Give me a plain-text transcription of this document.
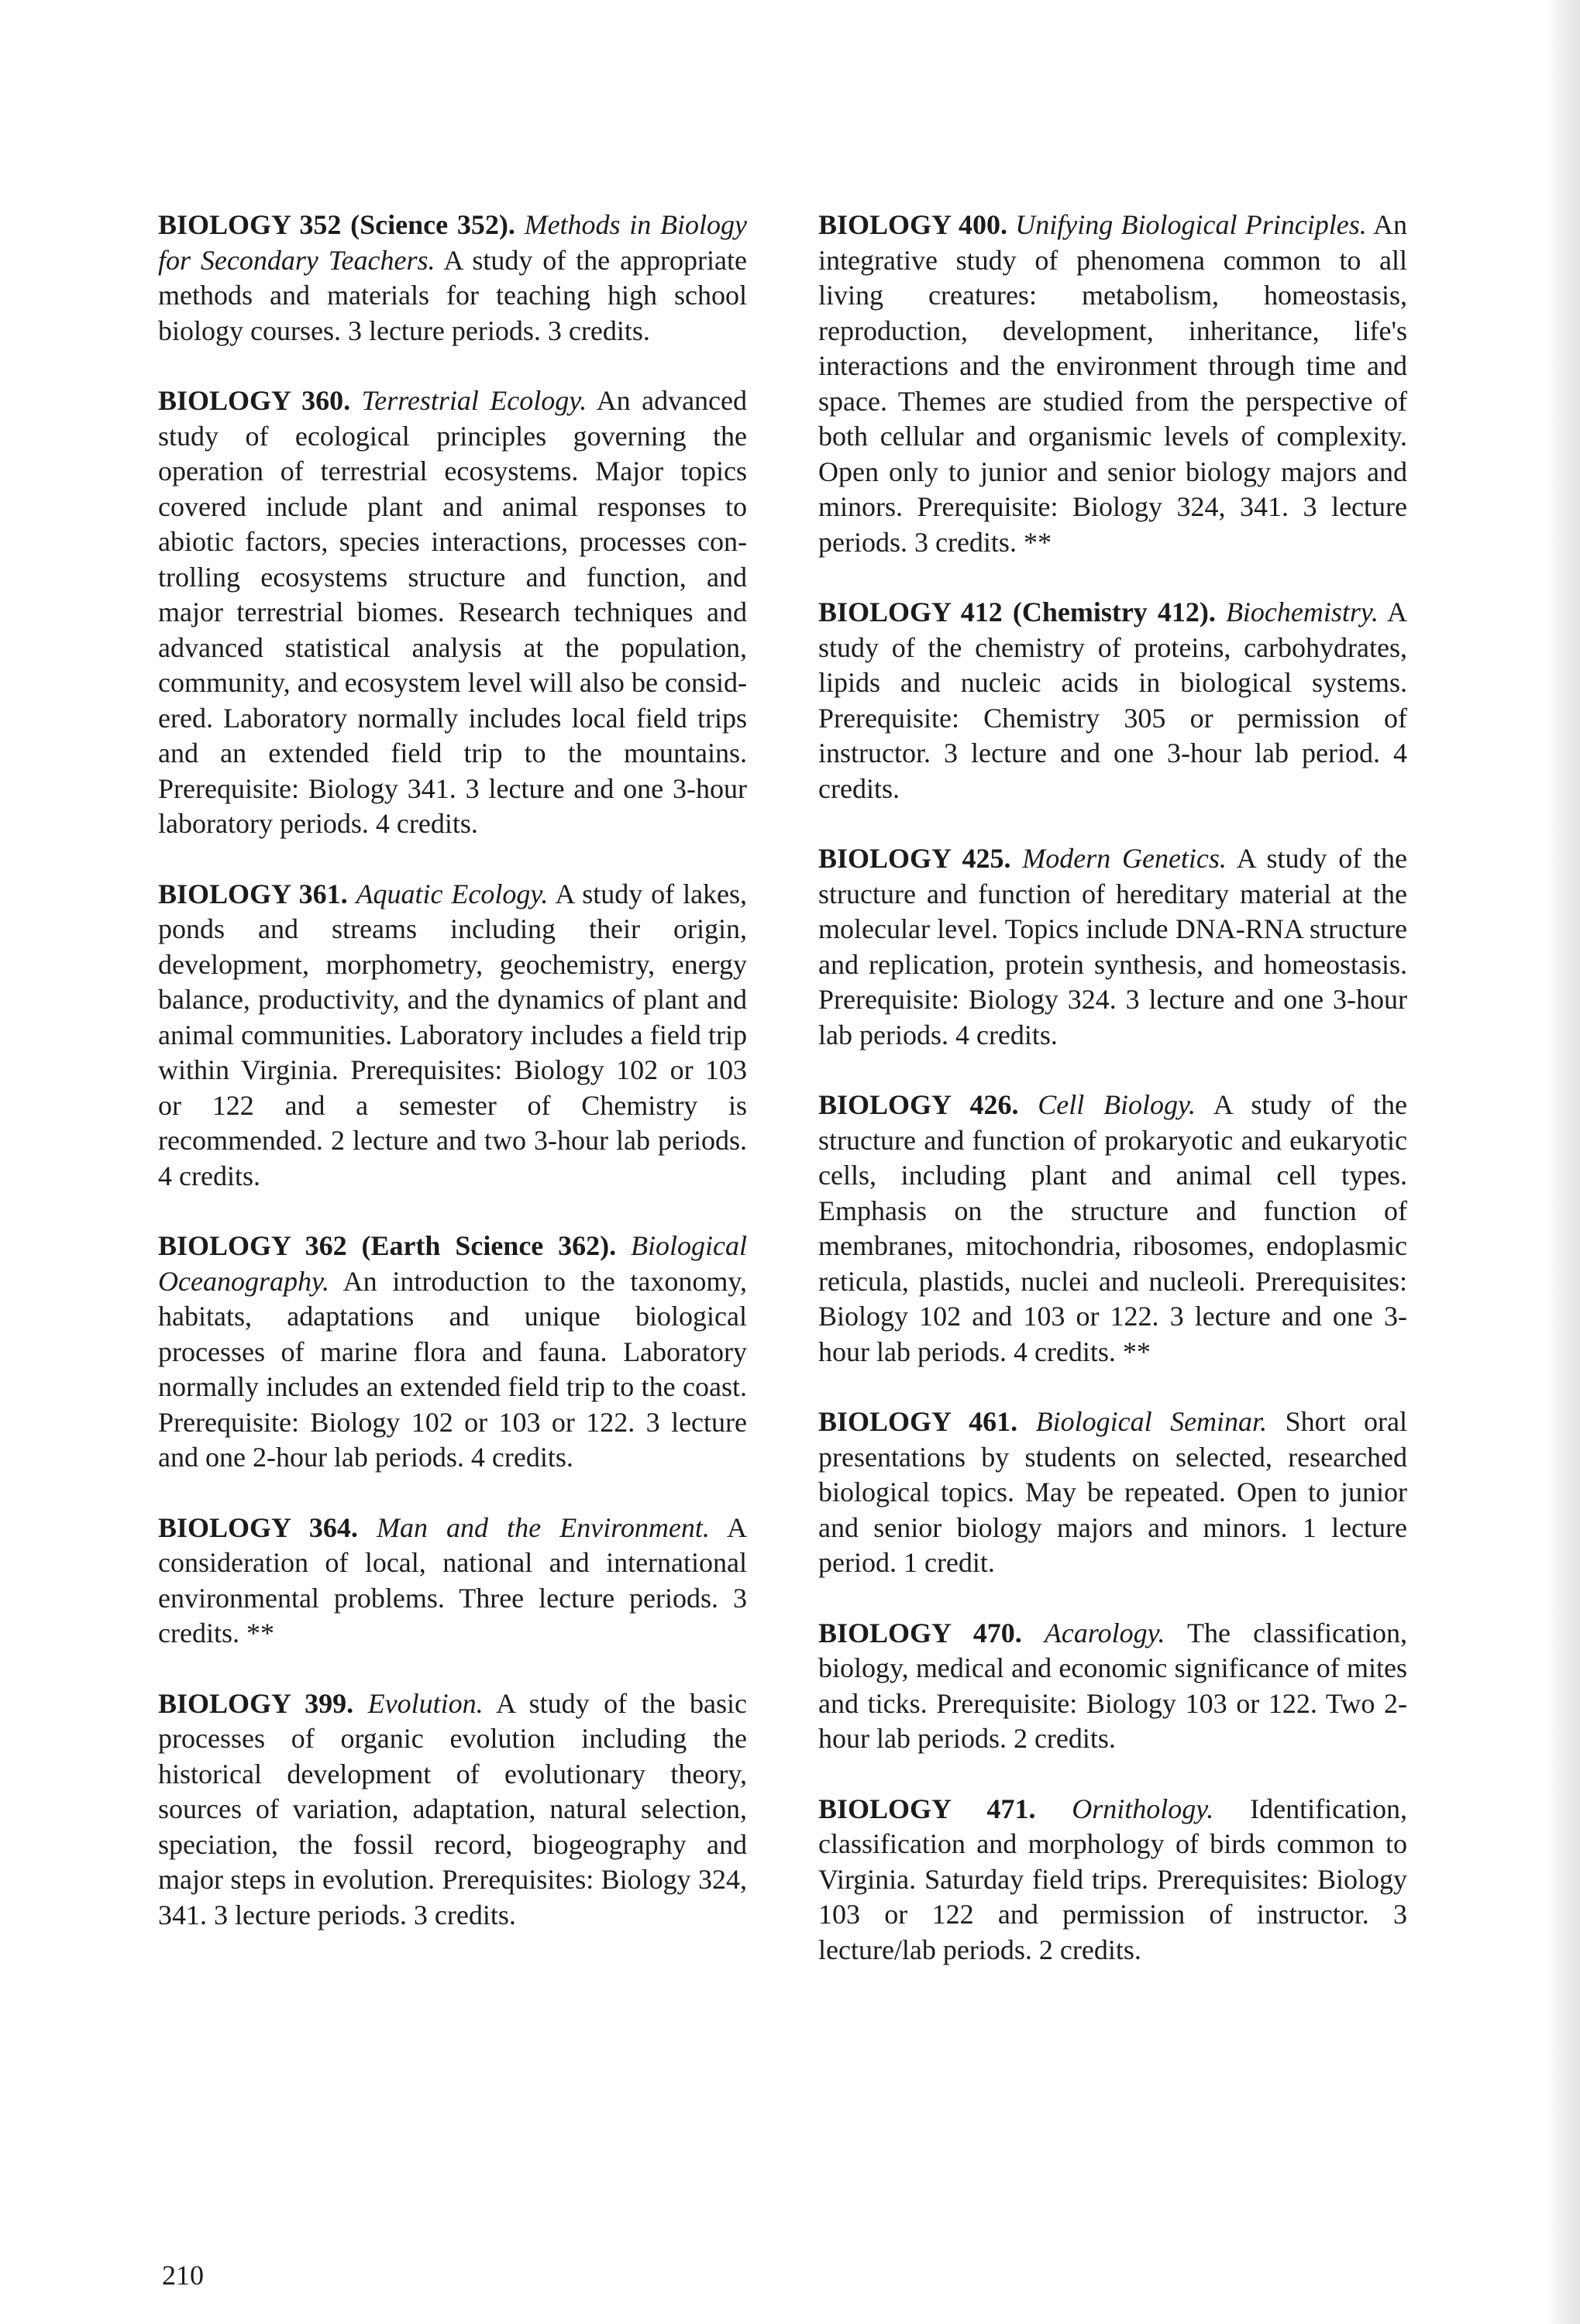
BIOLOGY 352 (Science 352). Methods in Biology for Secondary Teachers. A study of the appropriate methods and materials for teaching high school biology courses. 3 lecture periods. 3 credits.

BIOLOGY 360. Terrestrial Ecology. An advanced study of ecological principles governing the operation of terrestrial ecosystems. Major topics covered include plant and animal responses to abiotic factors, species interactions, processes controlling ecosystems structure and function, and major terrestrial biomes. Research techniques and advanced statistical analysis at the population, community, and ecosystem level will also be considered. Laboratory normally includes local field trips and an extended field trip to the mountains. Prerequisite: Biology 341. 3 lecture and one 3-hour laboratory periods. 4 credits.

BIOLOGY 361. Aquatic Ecology. A study of lakes, ponds and streams including their origin, development, morphometry, geochemistry, energy balance, productivity, and the dynamics of plant and animal communities. Laboratory includes a field trip within Virginia. Prerequisites: Biology 102 or 103 or 122 and a semester of Chemistry is recommended. 2 lecture and two 3-hour lab periods. 4 credits.

BIOLOGY 362 (Earth Science 362). Biological Oceanography. An introduction to the taxonomy, habitats, adaptations and unique biological processes of marine flora and fauna. Laboratory normally includes an extended field trip to the coast. Prerequisite: Biology 102 or 103 or 122. 3 lecture and one 2-hour lab periods. 4 credits.

BIOLOGY 364. Man and the Environment. A consideration of local, national and international environmental problems. Three lecture periods. 3 credits. **

BIOLOGY 399. Evolution. A study of the basic processes of organic evolution including the historical development of evolutionary theory, sources of variation, adaptation, natural selection, speciation, the fossil record, biogeography and major steps in evolution. Prerequisites: Biology 324, 341. 3 lecture periods. 3 credits.

BIOLOGY 400. Unifying Biological Principles. An integrative study of phenomena common to all living creatures: metabolism, homeostasis, reproduction, development, inheritance, life's interactions and the environment through time and space. Themes are studied from the perspective of both cellular and organismic levels of complexity. Open only to junior and senior biology majors and minors. Prerequisite: Biology 324, 341. 3 lecture periods. 3 credits. **

BIOLOGY 412 (Chemistry 412). Biochemistry. A study of the chemistry of proteins, carbohydrates, lipids and nucleic acids in biological systems. Prerequisite: Chemistry 305 or permission of instructor. 3 lecture and one 3-hour lab period. 4 credits.

BIOLOGY 425. Modern Genetics. A study of the structure and function of hereditary material at the molecular level. Topics include DNA-RNA structure and replication, protein synthesis, and homeostasis. Prerequisite: Biology 324. 3 lecture and one 3-hour lab periods. 4 credits.

BIOLOGY 426. Cell Biology. A study of the structure and function of prokaryotic and eukaryotic cells, including plant and animal cell types. Emphasis on the structure and function of membranes, mitochondria, ribosomes, endoplasmic reticula, plastids, nuclei and nucleoli. Prerequisites: Biology 102 and 103 or 122. 3 lecture and one 3-hour lab periods. 4 credits. **

BIOLOGY 461. Biological Seminar. Short oral presentations by students on selected, researched biological topics. May be repeated. Open to junior and senior biology majors and minors. 1 lecture period. 1 credit.

BIOLOGY 470. Acarology. The classification, biology, medical and economic significance of mites and ticks. Prerequisite: Biology 103 or 122. Two 2-hour lab periods. 2 credits.

BIOLOGY 471. Ornithology. Identification, classification and morphology of birds common to Virginia. Saturday field trips. Prerequisites: Biology 103 or 122 and permission of instructor. 3 lecture/lab periods. 2 credits.

210
